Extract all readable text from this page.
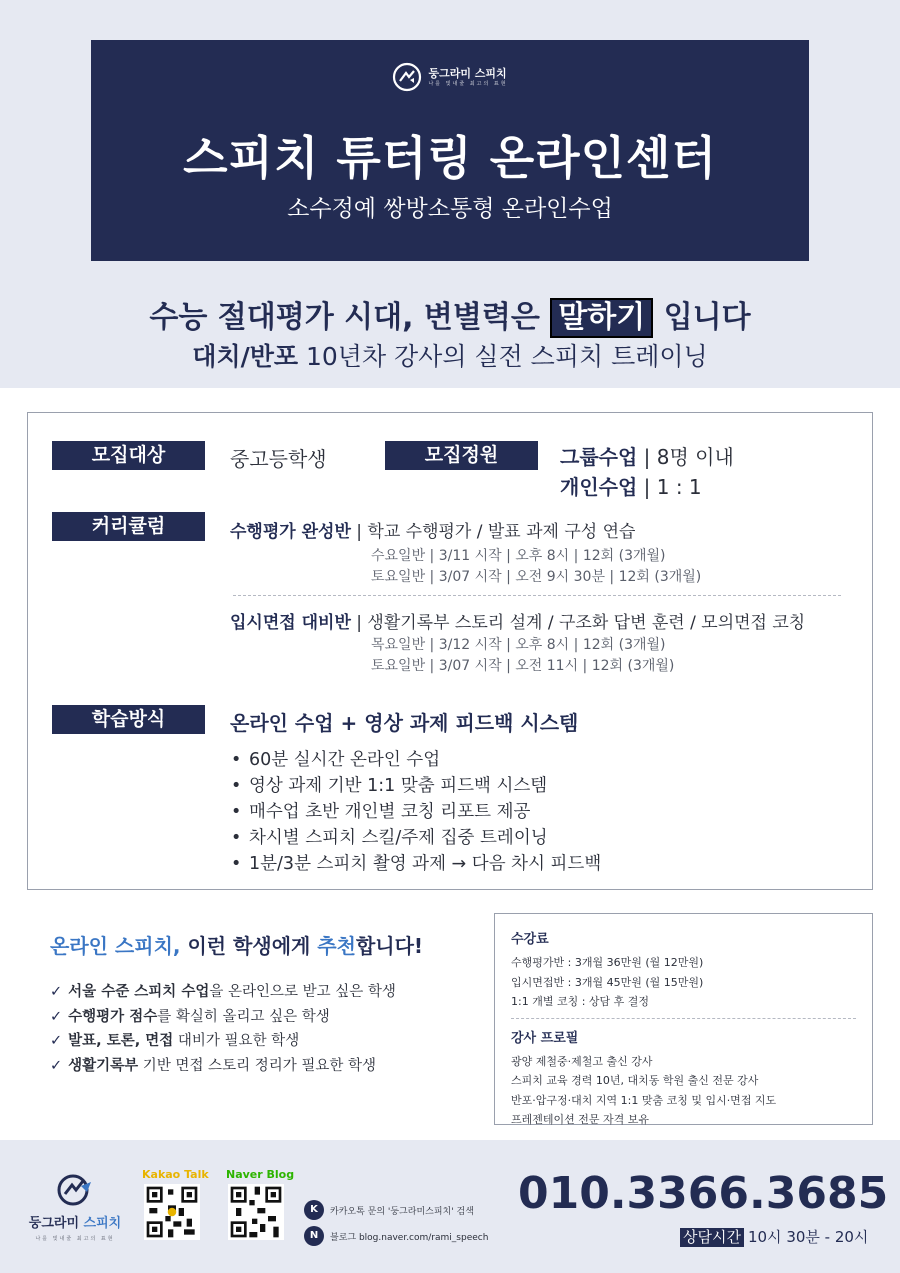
둥그라미 스피치
나를 빛내줄 최고의 표현
스피치 튜터링 온라인센터
소수정예 쌍방소통형 온라인수업
수능 절대평가 시대, 변별력은 말하기 입니다
대치/반포 10년차 강사의 실전 스피치 트레이닝
모집대상	중고등학생	모집정원	그룹수업 | 8명 이내
개인수업 | 1 : 1
커리큘럼	수행평가 완성반 | 학교 수행평가 / 발표 과제 구성 연습
수요일반 | 3/11 시작 | 오후 8시 | 12회 (3개월)
토요일반 | 3/07 시작 | 오전 9시 30분 | 12회 (3개월)
입시면접 대비반 | 생활기록부 스토리 설계 / 구조화 답변 훈련 / 모의면접 코칭
목요일반 | 3/12 시작 | 오후 8시 | 12회 (3개월)
토요일반 | 3/07 시작 | 오전 11시 | 12회 (3개월)
학습방식	온라인 수업 + 영상 과제 피드백 시스템
• 60분 실시간 온라인 수업
• 영상 과제 기반 1:1 맞춤 피드백 시스템
• 매수업 초반 개인별 코칭 리포트 제공
• 차시별 스피치 스킬/주제 집중 트레이닝
• 1분/3분 스피치 촬영 과제 → 다음 차시 피드백
온라인 스피치, 이런 학생에게 추천합니다!
✓ 서울 수준 스피치 수업을 온라인으로 받고 싶은 학생
✓ 수행평가 점수를 확실히 올리고 싶은 학생
✓ 발표, 토론, 면접 대비가 필요한 학생
✓ 생활기록부 기반 면접 스토리 정리가 필요한 학생
수강료
수행평가반 : 3개월 36만원 (월 12만원)
입시면접반 : 3개월 45만원 (월 15만원)
1:1 개별 코칭 : 상담 후 결정
강사 프로필
광양 제철중·제철고 출신 강사
스피치 교육 경력 10년, 대치동 학원 출신 전문 강사
반포·압구정·대치 지역 1:1 맞춤 코칭 및 입시·면접 지도
프레젠테이션 전문 자격 보유
둥그라미 스피치
나를 빛내줄 최고의 표현
Kakao Talk Naver Blog
K	카카오톡 문의 '둥그라미스피치' 검색
N	블로그 blog.naver.com/rami_speech
010.3366.3685
상담시간 10시 30분 - 20시
